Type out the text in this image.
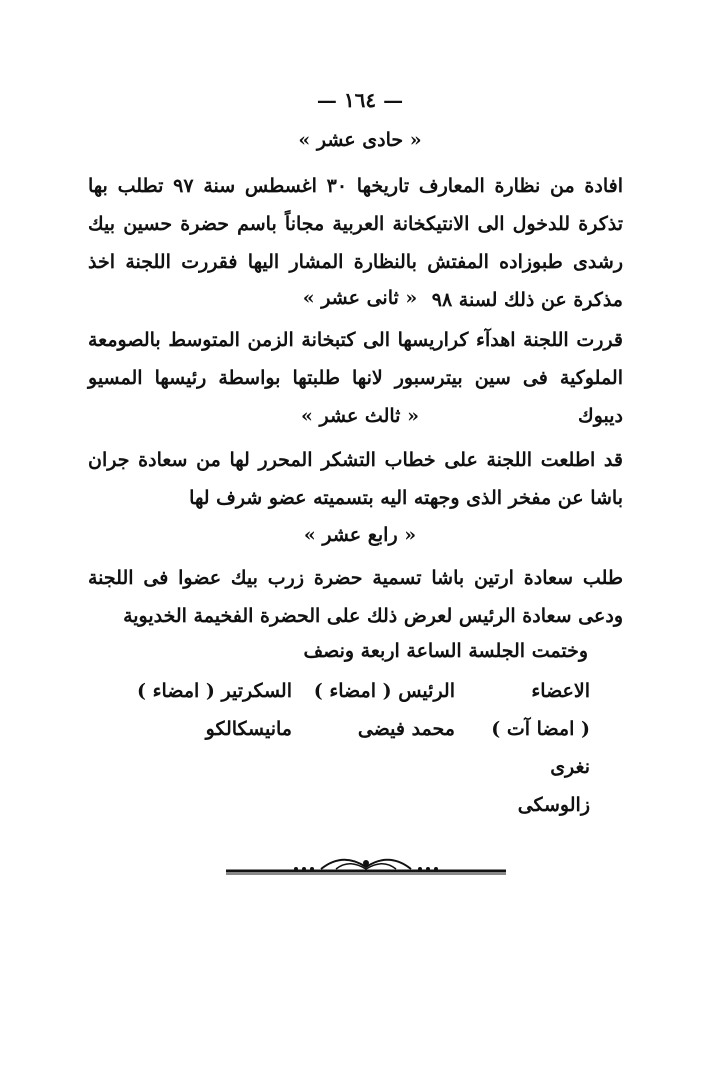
— ١٦٤ —
« حادى عشر »
افادة من نظارة المعارف تاريخها ٣٠ اغسطس سنة ٩٧ تطلب بها تذكرة للدخول الى الانتيكخانة العربية مجاناً باسم حضرة حسين بيك رشدى طبوزاده المفتش بالنظارة المشار اليها فقررت اللجنة اخذ مذكرة عن ذلك لسنة ٩٨
« ثانى عشر »
قررت اللجنة اهدآء كراريسها الى كتبخانة الزمن المتوسط بالصومعة الملوكية فى سين بيترسبور لانها طلبتها بواسطة رئيسها المسيو ديبوك
« ثالث عشر »
قد اطلعت اللجنة على خطاب التشكر المحرر لها من سعادة جران باشا عن مفخر الذى وجهته اليه بتسميته عضو شرف لها
« رابع عشر »
طلب سعادة ارتين باشا تسمية حضرة زرب بيك عضوا فى اللجنة ودعى سعادة الرئيس لعرض ذلك على الحضرة الفخيمة الخديوية
وختمت الجلسة الساعة اربعة ونصف
الاعضاء
( امضا آت )
نغرى
زالوسكى
الرئيس ( امضاء )
محمد فيضى
السكرتير ( امضاء )
مانيسكالكو
